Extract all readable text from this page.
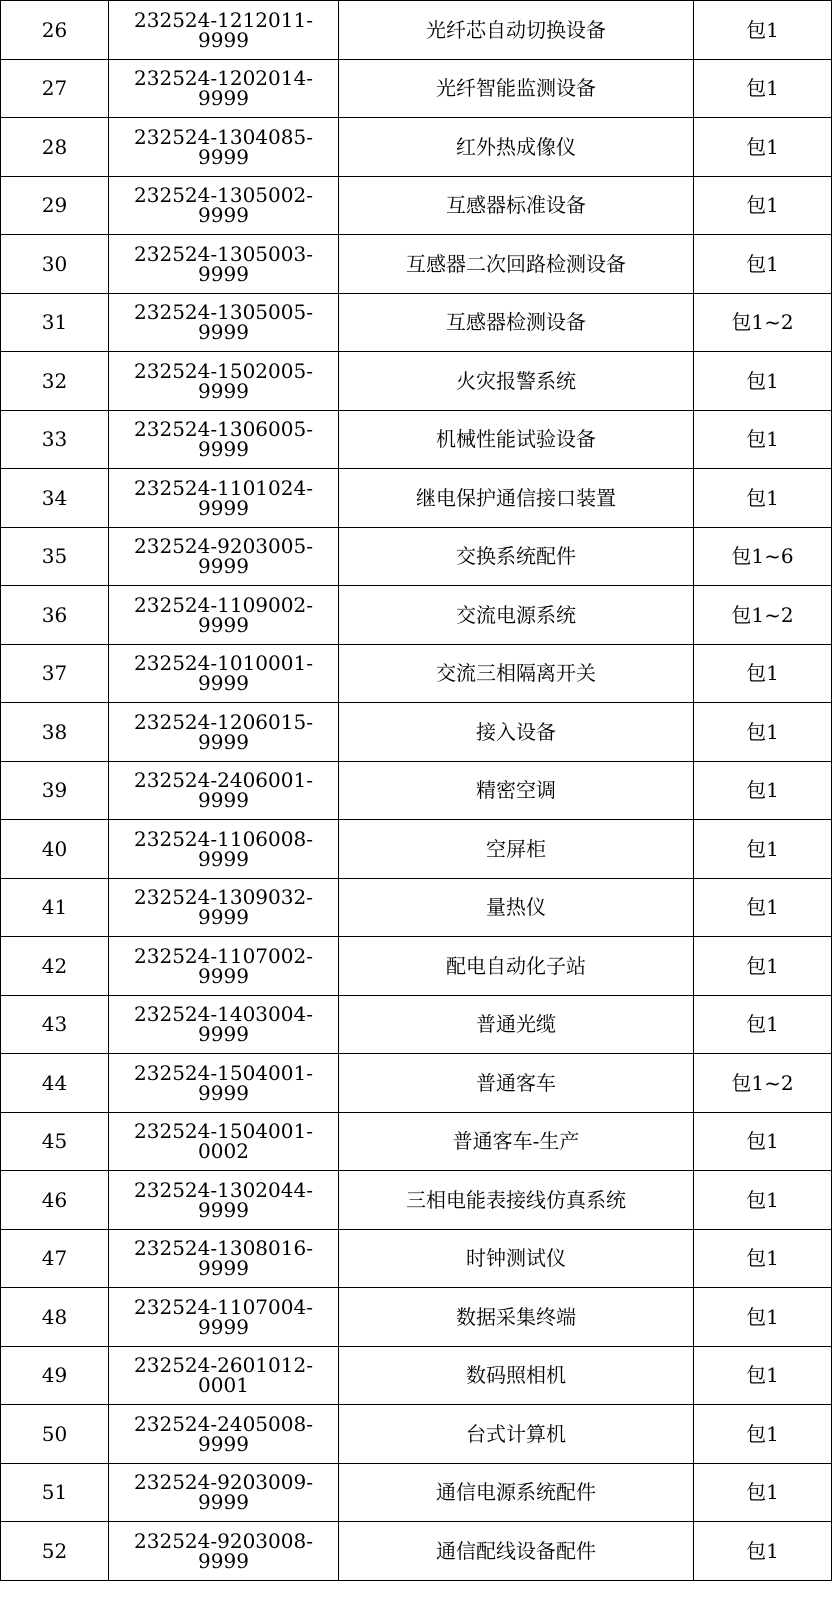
26	232524-1212011-
9999	光纤芯自动切换设备	包1
27	232524-1202014-
9999	光纤智能监测设备	包1
28	232524-1304085-
9999	红外热成像仪	包1
29	232524-1305002-
9999	互感器标准设备	包1
30	232524-1305003-
9999	互感器二次回路检测设备	包1
31	232524-1305005-
9999	互感器检测设备	包1~2
32	232524-1502005-
9999	火灾报警系统	包1
33	232524-1306005-
9999	机械性能试验设备	包1
34	232524-1101024-
9999	继电保护通信接口装置	包1
35	232524-9203005-
9999	交换系统配件	包1~6
36	232524-1109002-
9999	交流电源系统	包1~2
37	232524-1010001-
9999	交流三相隔离开关	包1
38	232524-1206015-
9999	接入设备	包1
39	232524-2406001-
9999	精密空调	包1
40	232524-1106008-
9999	空屏柜	包1
41	232524-1309032-
9999	量热仪	包1
42	232524-1107002-
9999	配电自动化子站	包1
43	232524-1403004-
9999	普通光缆	包1
44	232524-1504001-
9999	普通客车	包1~2
45	232524-1504001-
0002	普通客车-生产	包1
46	232524-1302044-
9999	三相电能表接线仿真系统	包1
47	232524-1308016-
9999	时钟测试仪	包1
48	232524-1107004-
9999	数据采集终端	包1
49	232524-2601012-
0001	数码照相机	包1
50	232524-2405008-
9999	台式计算机	包1
51	232524-9203009-
9999	通信电源系统配件	包1
52	232524-9203008-
9999	通信配线设备配件	包1
